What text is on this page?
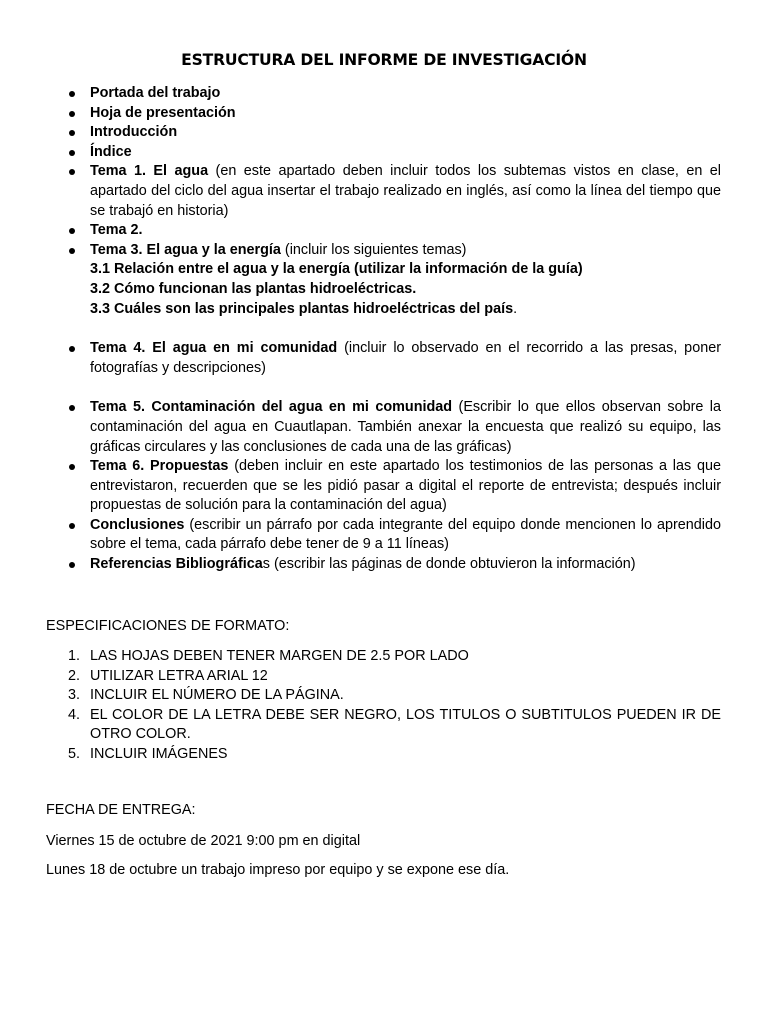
ESTRUCTURA DEL INFORME DE INVESTIGACIÓN
Portada del trabajo
Hoja de presentación
Introducción
Índice
Tema 1. El agua (en este apartado deben incluir todos los subtemas vistos en clase, en el apartado del ciclo del agua insertar el trabajo realizado en inglés, así como la línea del tiempo que se trabajó en historia)
Tema 2.
Tema 3. El agua y la energía (incluir los siguientes temas)
3.1 Relación entre el agua y la energía (utilizar la información de la guía)
3.2 Cómo funcionan las plantas hidroeléctricas.
3.3 Cuáles son las principales plantas hidroeléctricas del país.
Tema 4. El agua en mi comunidad (incluir lo observado en el recorrido a las presas, poner fotografías y descripciones)
Tema 5. Contaminación del agua en mi comunidad (Escribir lo que ellos observan sobre la contaminación del agua en Cuautlapan. También anexar la encuesta que realizó su equipo, las gráficas circulares y las conclusiones de cada una de las gráficas)
Tema 6. Propuestas (deben incluir en este apartado los testimonios de las personas a las que entrevistaron, recuerden que se les pidió pasar a digital el reporte de entrevista; después incluir propuestas de solución para la contaminación del agua)
Conclusiones (escribir un párrafo por cada integrante del equipo donde mencionen lo aprendido sobre el tema, cada párrafo debe tener de 9 a 11 líneas)
Referencias Bibliográficas (escribir las páginas de donde obtuvieron la información)
ESPECIFICACIONES DE FORMATO:
1. LAS HOJAS DEBEN TENER MARGEN DE 2.5 POR LADO
2. UTILIZAR LETRA ARIAL 12
3. INCLUIR EL NÚMERO DE LA PÁGINA.
4. EL COLOR DE LA LETRA DEBE SER NEGRO, LOS TITULOS O SUBTITULOS PUEDEN IR DE OTRO COLOR.
5. INCLUIR IMÁGENES
FECHA DE ENTREGA:
Viernes 15 de octubre de 2021 9:00 pm en digital
Lunes 18 de octubre un trabajo impreso por equipo y se expone ese día.
